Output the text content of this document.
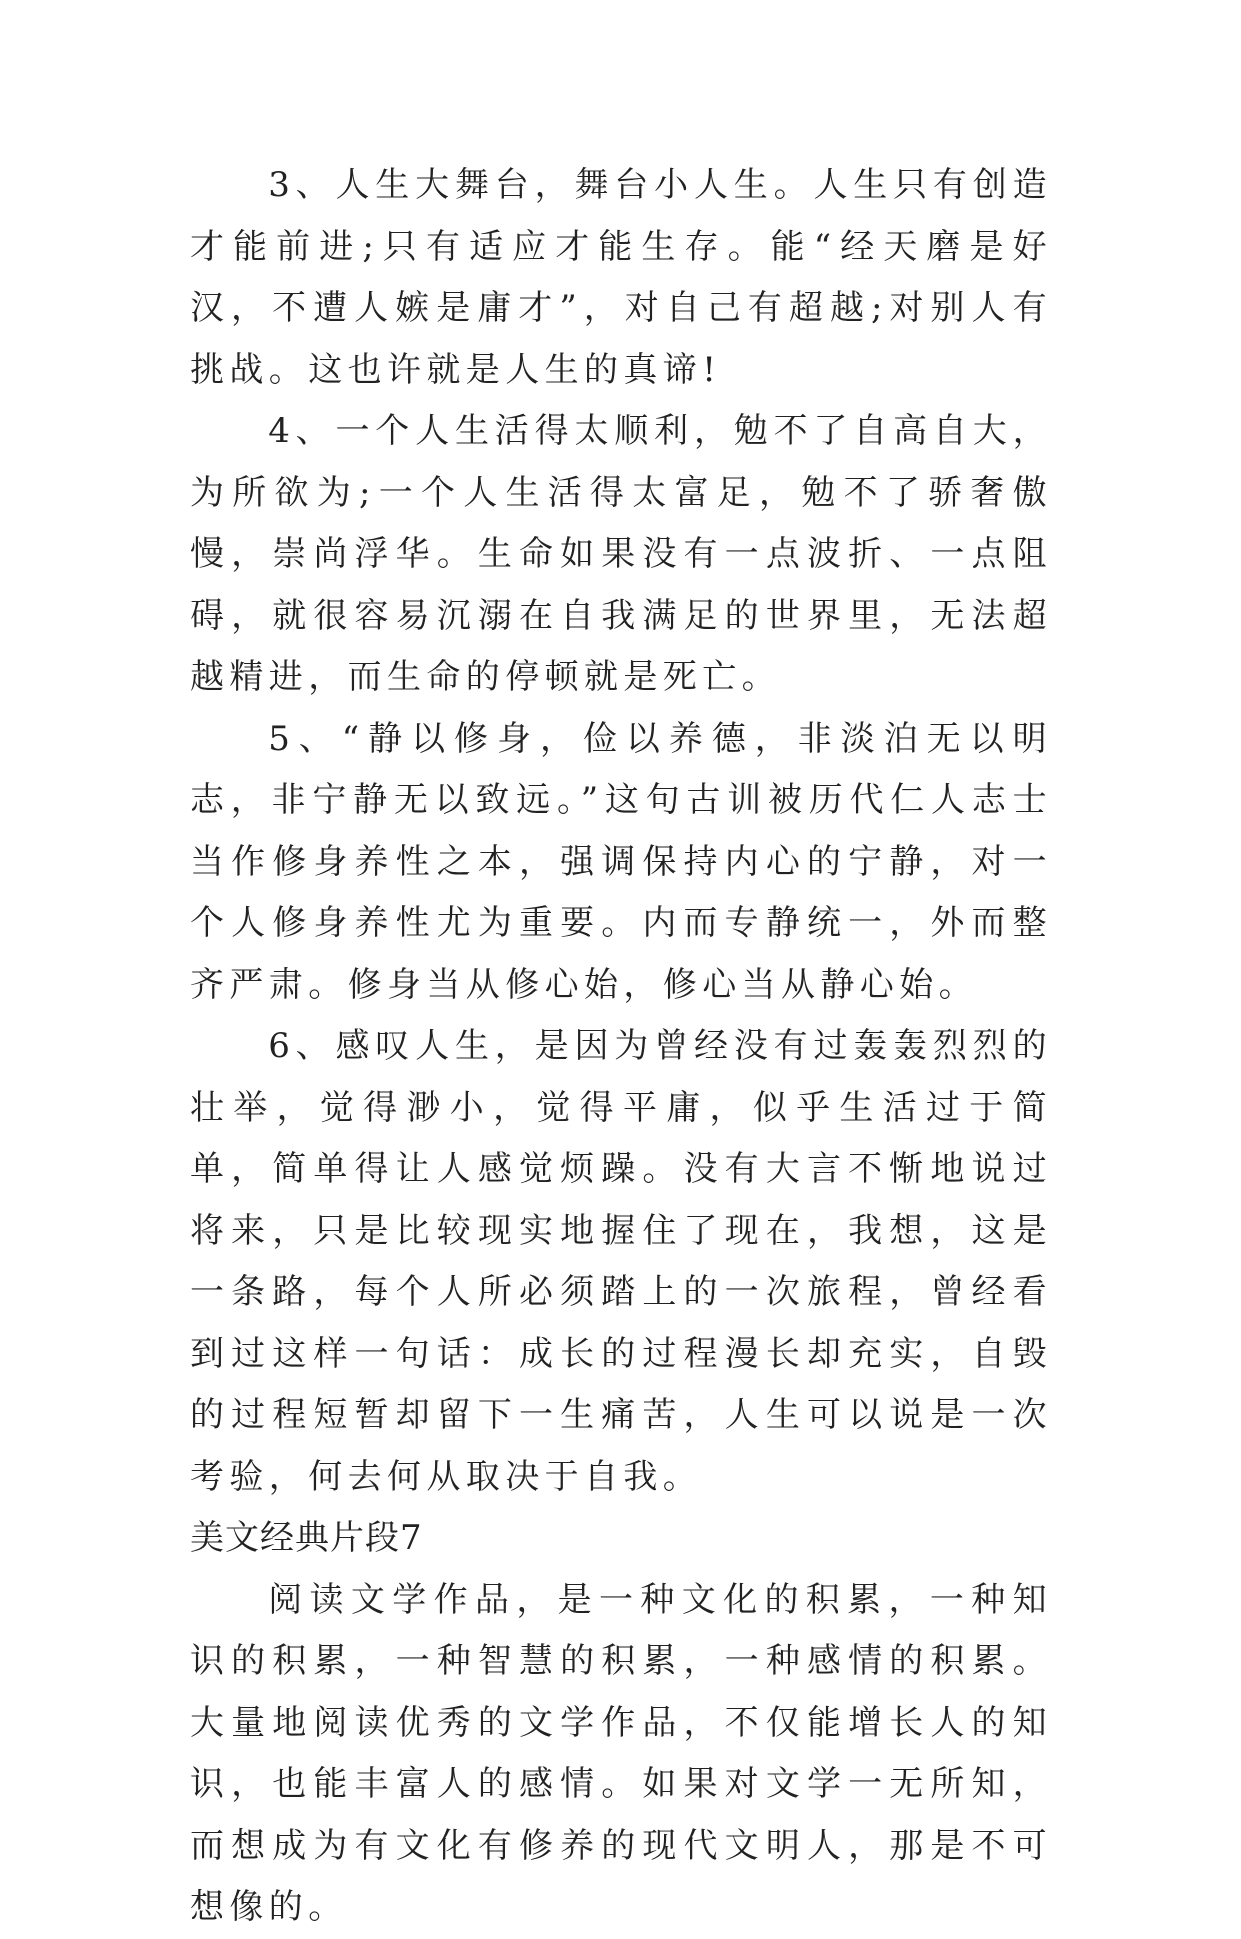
3、人生大舞台，舞台小人生。人生只有创造才能前进;只有适应才能生存。能“经天磨是好汉，不遭人嫉是庸才”，对自己有超越;对别人有挑战。这也许就是人生的真谛!

4、一个人生活得太顺利，勉不了自高自大，为所欲为;一个人生活得太富足，勉不了骄奢傲慢，崇尚浮华。生命如果没有一点波折、一点阻碍，就很容易沉溺在自我满足的世界里，无法超越精进，而生命的停顿就是死亡。

5、“静以修身，俭以养德，非淡泊无以明志，非宁静无以致远。”这句古训被历代仁人志士当作修身养性之本，强调保持内心的宁静，对一个人修身养性尤为重要。内而专静统一，外而整齐严肃。修身当从修心始，修心当从静心始。

6、感叹人生，是因为曾经没有过轰轰烈烈的壮举，觉得渺小，觉得平庸，似乎生活过于简单，简单得让人感觉烦躁。没有大言不惭地说过将来，只是比较现实地握住了现在，我想，这是一条路，每个人所必须踏上的一次旅程，曾经看到过这样一句话：成长的过程漫长却充实，自毁的过程短暂却留下一生痛苦，人生可以说是一次考验，何去何从取决于自我。

美文经典片段7

阅读文学作品，是一种文化的积累，一种知识的积累，一种智慧的积累，一种感情的积累。大量地阅读优秀的文学作品，不仅能增长人的知识，也能丰富人的感情。如果对文学一无所知，而想成为有文化有修养的现代文明人，那是不可想像的。
